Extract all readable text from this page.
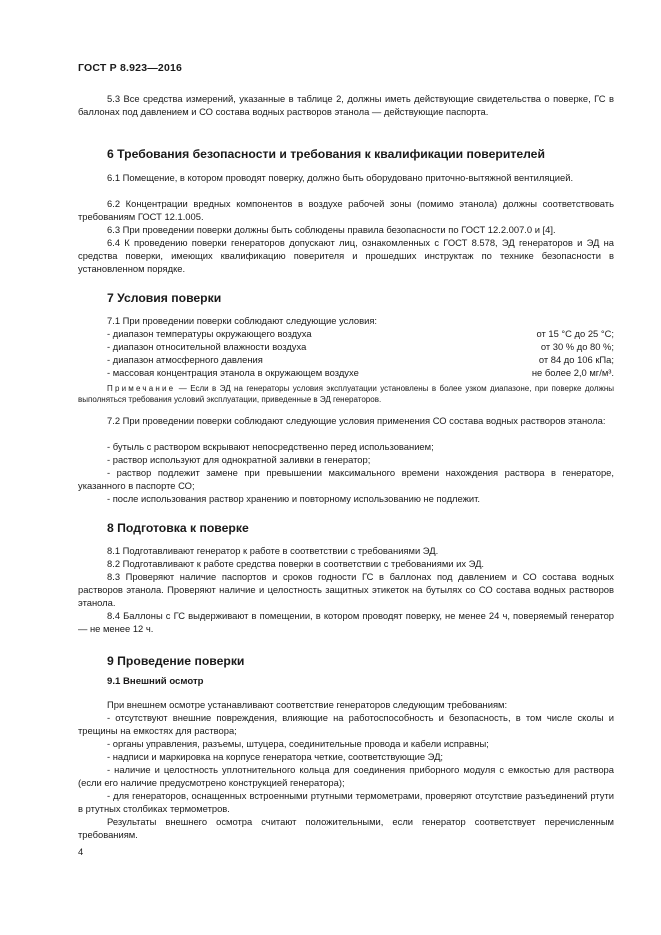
ГОСТ Р 8.923—2016

5.3 Все средства измерений, указанные в таблице 2, должны иметь действующие свидетельства о поверке, ГС в баллонах под давлением и СО состава водных растворов этанола — действующие паспорта.

6 Требования безопасности и требования к квалификации поверителей

6.1 Помещение, в котором проводят поверку, должно быть оборудовано приточно-вытяжной вентиляцией.

6.2 Концентрации вредных компонентов в воздухе рабочей зоны (помимо этанола) должны соответствовать требованиям ГОСТ 12.1.005.

6.3 При проведении поверки должны быть соблюдены правила безопасности по ГОСТ 12.2.007.0 и [4].

6.4 К проведению поверки генераторов допускают лиц, ознакомленных с ГОСТ 8.578, ЭД генераторов и ЭД на средства поверки, имеющих квалификацию поверителя и прошедших инструктаж по технике безопасности в установленном порядке.

7 Условия поверки

7.1 При проведении поверки соблюдают следующие условия:

- диапазон температуры окружающего воздуха	от 15 °С до 25 °С;
- диапазон относительной влажности воздуха	от 30 % до 80 %;
- диапазон атмосферного давления	от 84 до 106 кПа;
- массовая концентрация этанола в окружающем воздухе	не более 2,0 мг/м³.
Примечание — Если в ЭД на генераторы условия эксплуатации установлены в более узком диапазоне, при поверке должны выполняться требования условий эксплуатации, приведенные в ЭД генераторов.

7.2 При проведении поверки соблюдают следующие условия применения СО состава водных растворов этанола:

- бутыль с раствором вскрывают непосредственно перед использованием;

- раствор используют для однократной заливки в генератор;

- раствор подлежит замене при превышении максимального времени нахождения раствора в генераторе, указанного в паспорте СО;

- после использования раствор хранению и повторному использованию не подлежит.

8 Подготовка к поверке

8.1 Подготавливают генератор к работе в соответствии с требованиями ЭД.

8.2 Подготавливают к работе средства поверки в соответствии с требованиями их ЭД.

8.3 Проверяют наличие паспортов и сроков годности ГС в баллонах под давлением и СО состава водных растворов этанола. Проверяют наличие и целостность защитных этикеток на бутылях со СО состава водных растворов этанола.

8.4 Баллоны с ГС выдерживают в помещении, в котором проводят поверку, не менее 24 ч, поверяемый генератор — не менее 12 ч.

9 Проведение поверки
9.1 Внешний осмотр

При внешнем осмотре устанавливают соответствие генераторов следующим требованиям:

- отсутствуют внешние повреждения, влияющие на работоспособность и безопасность, в том числе сколы и трещины на емкостях для раствора;

- органы управления, разъемы, штуцера, соединительные провода и кабели исправны;

- надписи и маркировка на корпусе генератора четкие, соответствующие ЭД;

- наличие и целостность уплотнительного кольца для соединения приборного модуля с емкостью для раствора (если его наличие предусмотрено конструкцией генератора);

- для генераторов, оснащенных встроенными ртутными термометрами, проверяют отсутствие разъединений ртути в ртутных столбиках термометров.

Результаты внешнего осмотра считают положительными, если генератор соответствует перечисленным требованиям.

4
